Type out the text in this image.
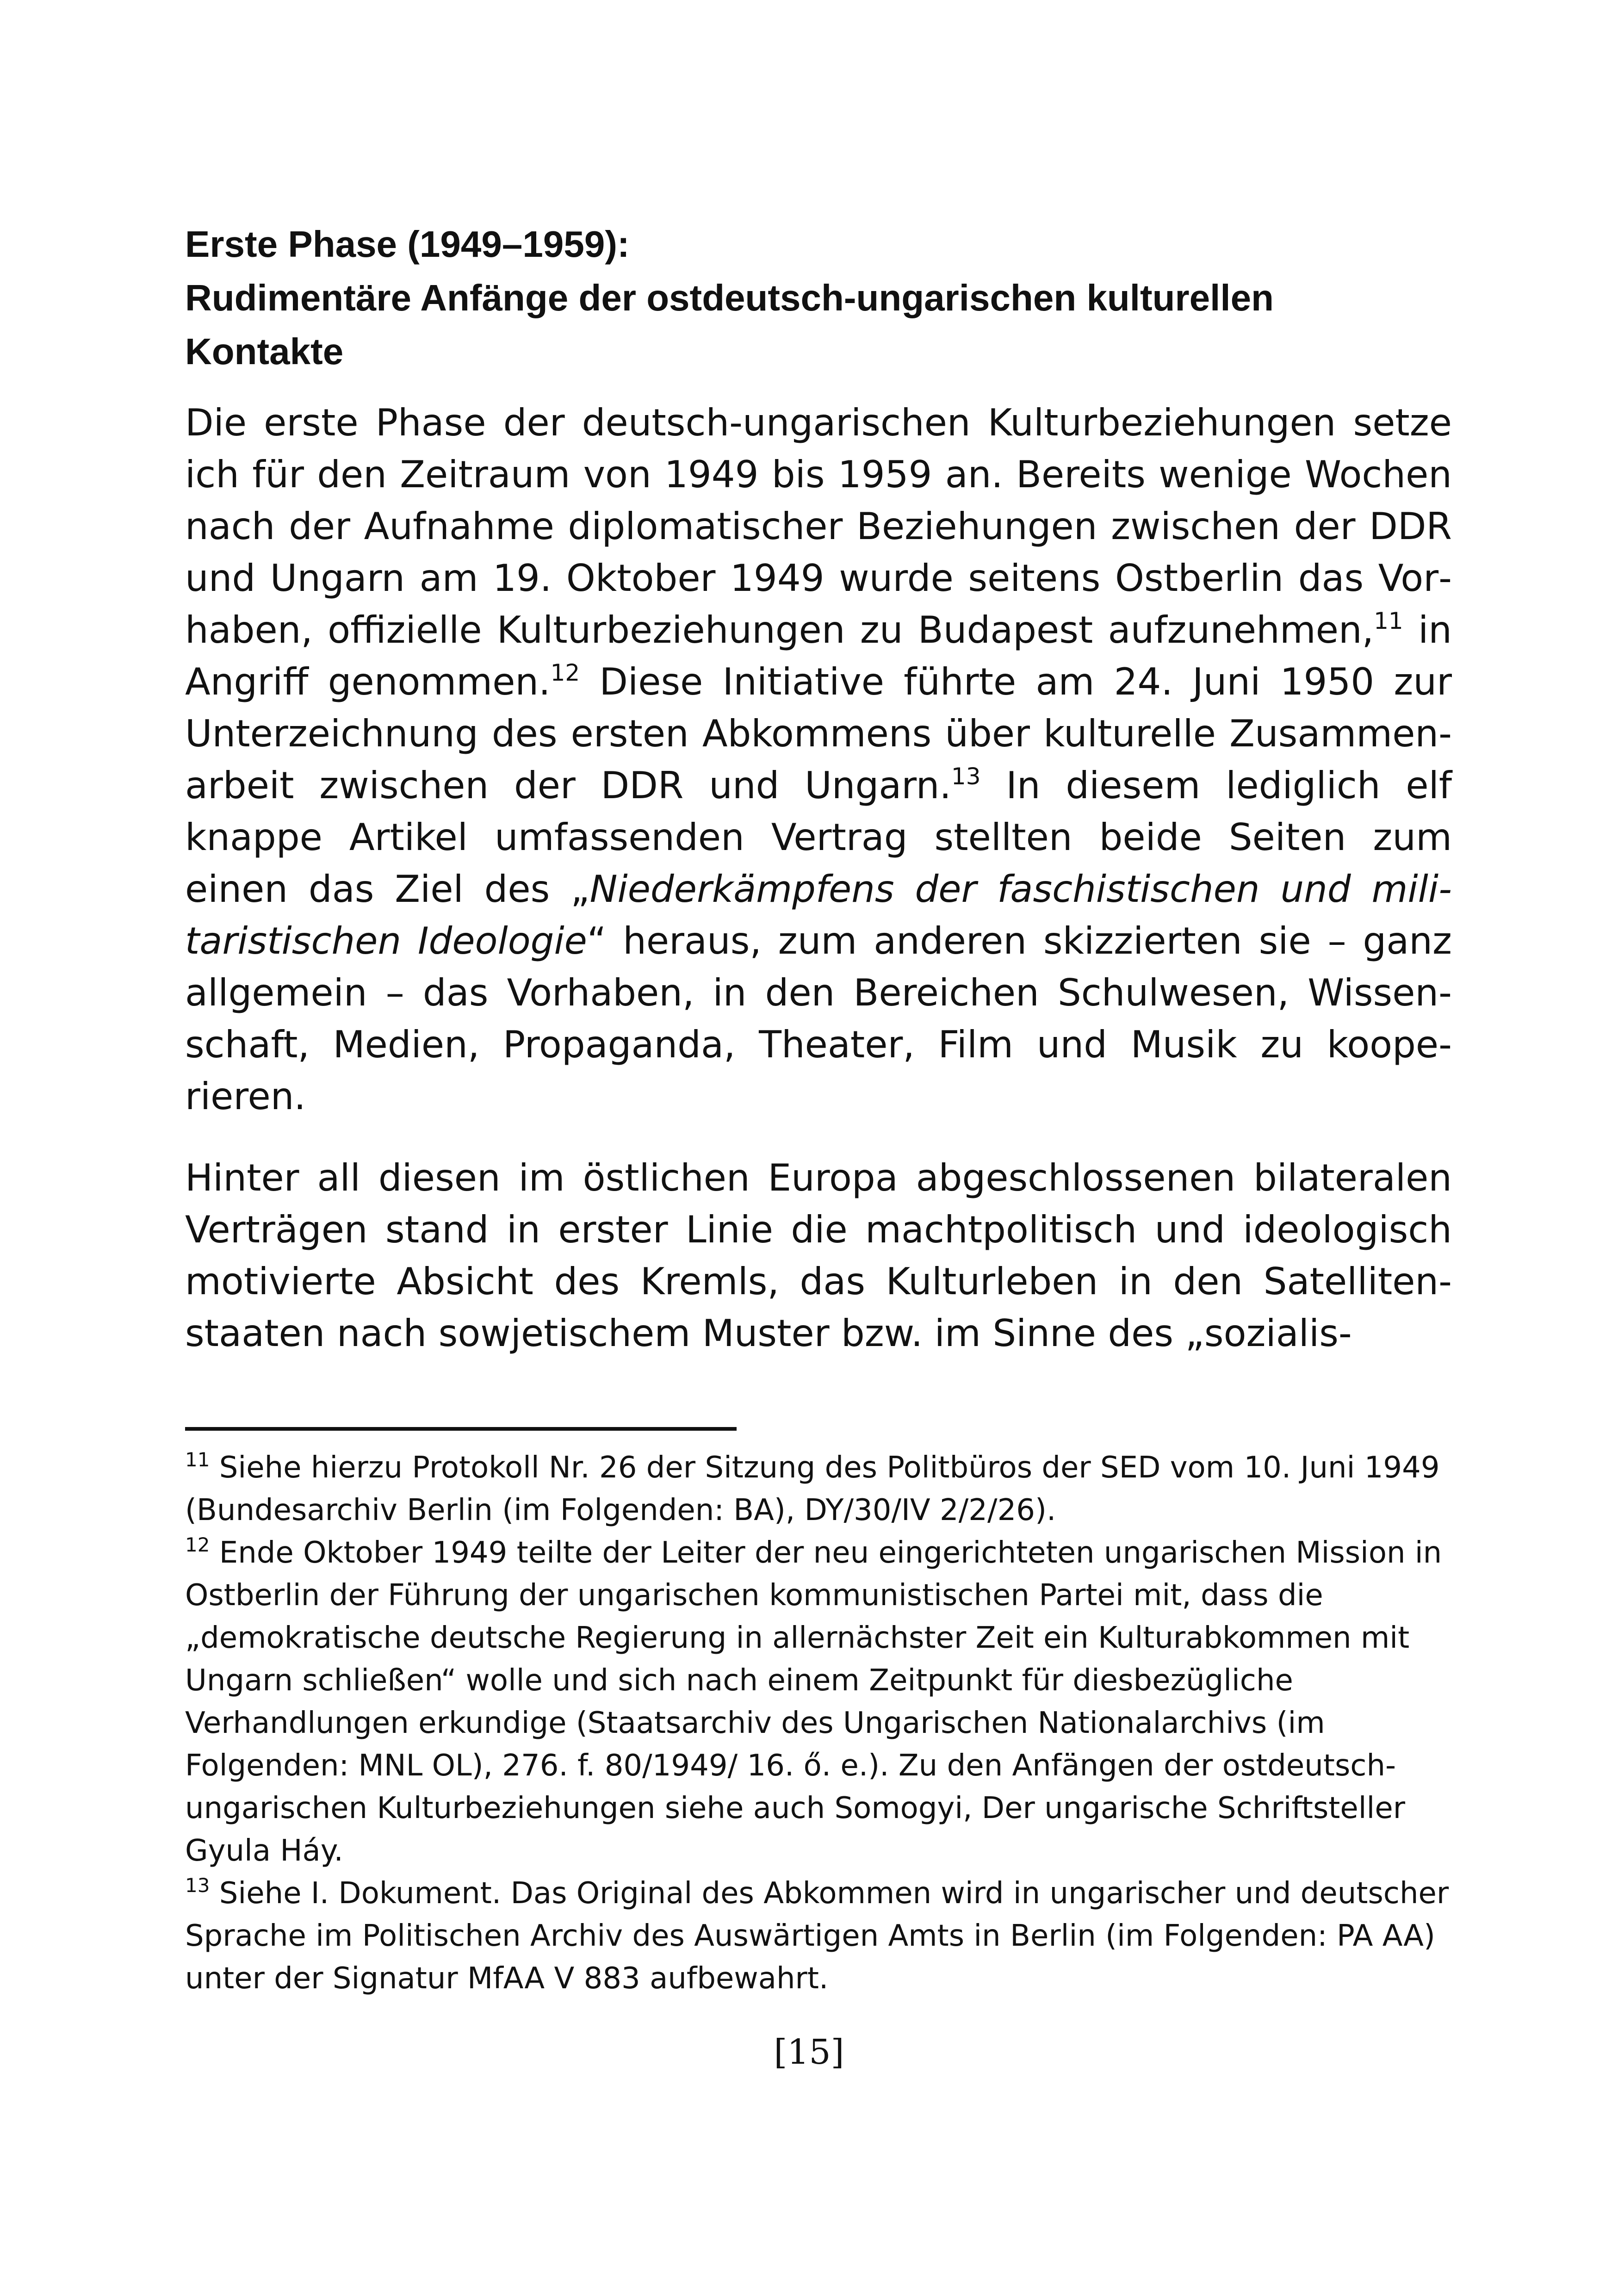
Erste Phase (1949–1959):
Rudimentäre Anfänge der ostdeutsch-ungarischen kulturellen
Kontakte

Die erste Phase der deutsch-ungarischen Kulturbeziehungen setze ich für den Zeitraum von 1949 bis 1959 an. Bereits wenige Wochen nach der Aufnahme diplomatischer Beziehungen zwischen der DDR und Ungarn am 19. Oktober 1949 wurde seitens Ostberlin das Vorhaben, offizielle Kulturbeziehungen zu Budapest aufzunehmen,$^{11}$ in Angriff genommen.$^{12}$ Diese Initiative führte am 24. Juni 1950 zur Unterzeichnung des ersten Abkommens über kulturelle Zusammenarbeit zwischen der DDR und Ungarn.$^{13}$ In diesem lediglich elf knappe Artikel umfassenden Vertrag stellten beide Seiten zum einen das Ziel des „Niederkämpfens der faschistischen und militaristischen Ideologie“ heraus, zum anderen skizzierten sie – ganz allgemein – das Vorhaben, in den Bereichen Schulwesen, Wissenschaft, Medien, Propaganda, Theater, Film und Musik zu kooperieren.

Hinter all diesen im östlichen Europa abgeschlossenen bilateralen Verträgen stand in erster Linie die machtpolitisch und ideologisch motivierte Absicht des Kremls, das Kulturleben in den Satellitenstaaten nach sowjetischem Muster bzw. im Sinne des „sozialis-

$^{11}$ Siehe hierzu Protokoll Nr. 26 der Sitzung des Politbüros der SED vom 10. Juni 1949 (Bundesarchiv Berlin (im Folgenden: BA), DY/30/IV 2/2/26).

$^{12}$ Ende Oktober 1949 teilte der Leiter der neu eingerichteten ungarischen Mission in Ostberlin der Führung der ungarischen kommunistischen Partei mit, dass die „demokratische deutsche Regierung in allernächster Zeit ein Kulturabkommen mit Ungarn schließen“ wolle und sich nach einem Zeitpunkt für diesbezügliche Verhandlungen erkundige (Staatsarchiv des Ungarischen Nationalarchivs (im Folgenden: MNL OL), 276. f. 80/1949/ 16. ő. e.). Zu den Anfängen der ostdeutsch-ungarischen Kulturbeziehungen siehe auch Somogyi, Der ungarische Schriftsteller Gyula Háy.

$^{13}$ Siehe I. Dokument. Das Original des Abkommen wird in ungarischer und deutscher Sprache im Politischen Archiv des Auswärtigen Amts in Berlin (im Folgenden: PA AA) unter der Signatur MfAA V 883 aufbewahrt.

[15]
